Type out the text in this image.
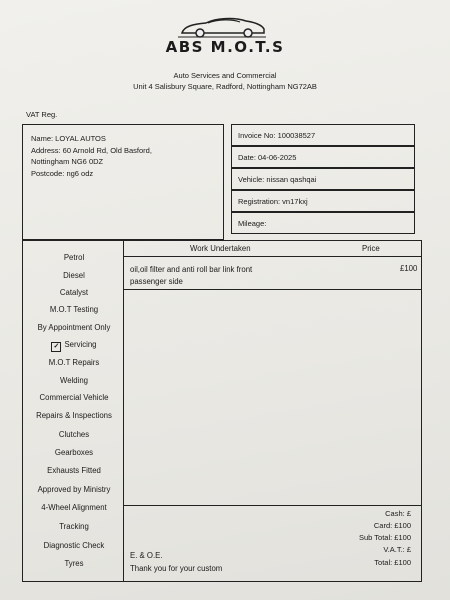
ABS M.O.T.S
Auto Services and Commercial
Unit 4 Salisbury Square, Radford, Nottingham NG72AB
VAT Reg.
Name: LOYAL AUTOS
Address: 60 Arnold Rd, Old Basford,
Nottingham NG6 0DZ
Postcode: ng6 odz
Invoice No: 100038527
Date: 04-06-2025
Vehicle: nissan qashqai
Registration: vn17kxj
Mileage:
Petrol
Diesel
Catalyst
M.O.T Testing
By Appointment Only
✓ Servicing
M.O.T Repairs
Welding
Commercial Vehicle
Repairs & Inspections
Clutches
Gearboxes
Exhausts Fitted
Approved by Ministry
4-Wheel Alignment
Tracking
Diagnostic Check
Tyres
Work Undertaken	Price
oil,oil filter and anti roll bar link front
passenger side
£100
Cash: £
Card: £100
Sub Total: £100
V.A.T.: £
Total: £100
E. & O.E.
Thank you for your custom
